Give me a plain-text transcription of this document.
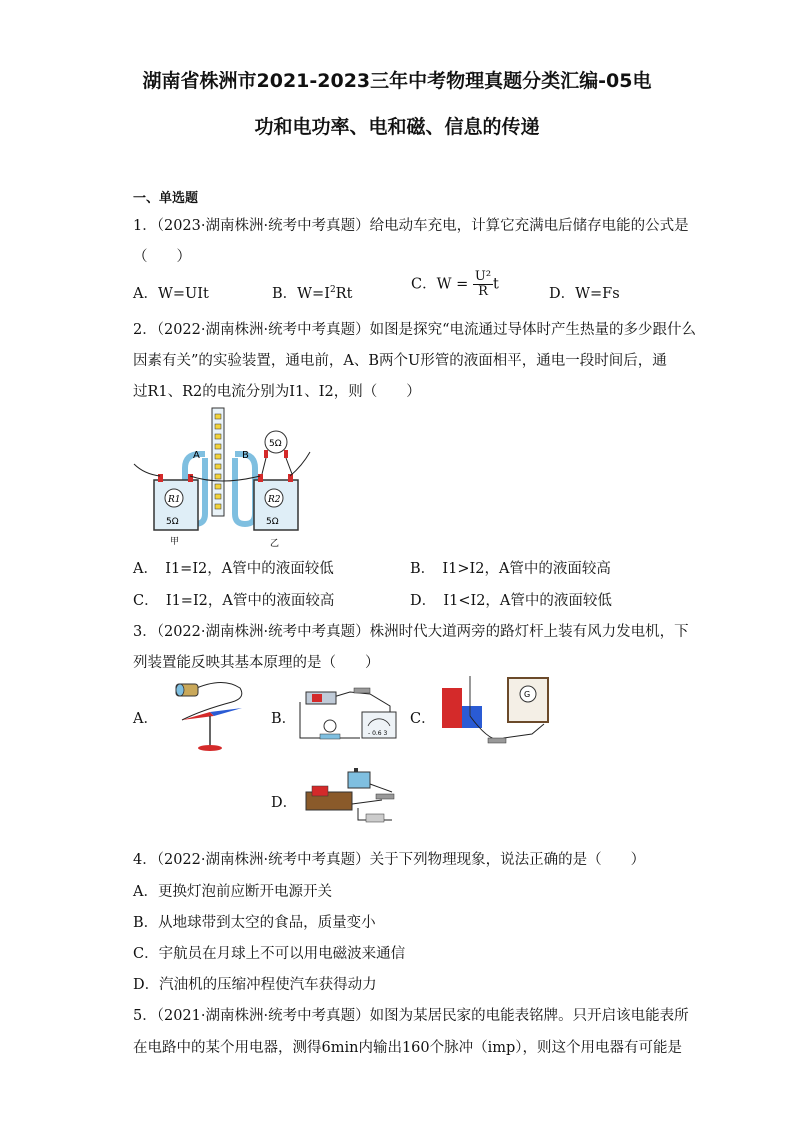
湖南省株洲市2021-2023三年中考物理真题分类汇编-05电
功和电功率、电和磁、信息的传递
一、单选题
1．（2023·湖南株洲·统考中考真题）给电动车充电，计算它充满电后储存电能的公式是
（　　）
A．W=UIt	B．$W=I^2Rt$
C．$W = \frac{\text{U²}}{R}$ t
D．W=Fs
2．（2022·湖南株洲·统考中考真题）如图是探究“电流通过导体时产生热量的多少跟什么
因素有关”的实验装置，通电前，A、B两个U形管的液面相平，通电一段时间后，通
过R1、R2的电流分别为I1、I2，则（　　）
A	B
R1
5Ω
R2
5Ω
5Ω
甲	乙
A．　I1=I2，A管中的液面较低	B．　I1>I2，A管中的液面较高
C．　I1=I2，A管中的液面较高	D．　I1<I2，A管中的液面较低
3．（2022·湖南株洲·统考中考真题）株洲时代大道两旁的路灯杆上装有风力发电机，下
列装置能反映其基本原理的是（　　）
A．	B．
- 0.6 3
C．
G
D．
4．（2022·湖南株洲·统考中考真题）关于下列物理现象，说法正确的是（　　）
A．更换灯泡前应断开电源开关
B．从地球带到太空的食品，质量变小
C．宇航员在月球上不可以用电磁波来通信
D．汽油机的压缩冲程使汽车获得动力
5．（2021·湖南株洲·统考中考真题）如图为某居民家的电能表铭牌。只开启该电能表所
在电路中的某个用电器，测得6min内输出160个脉冲（imp），则这个用电器有可能是
